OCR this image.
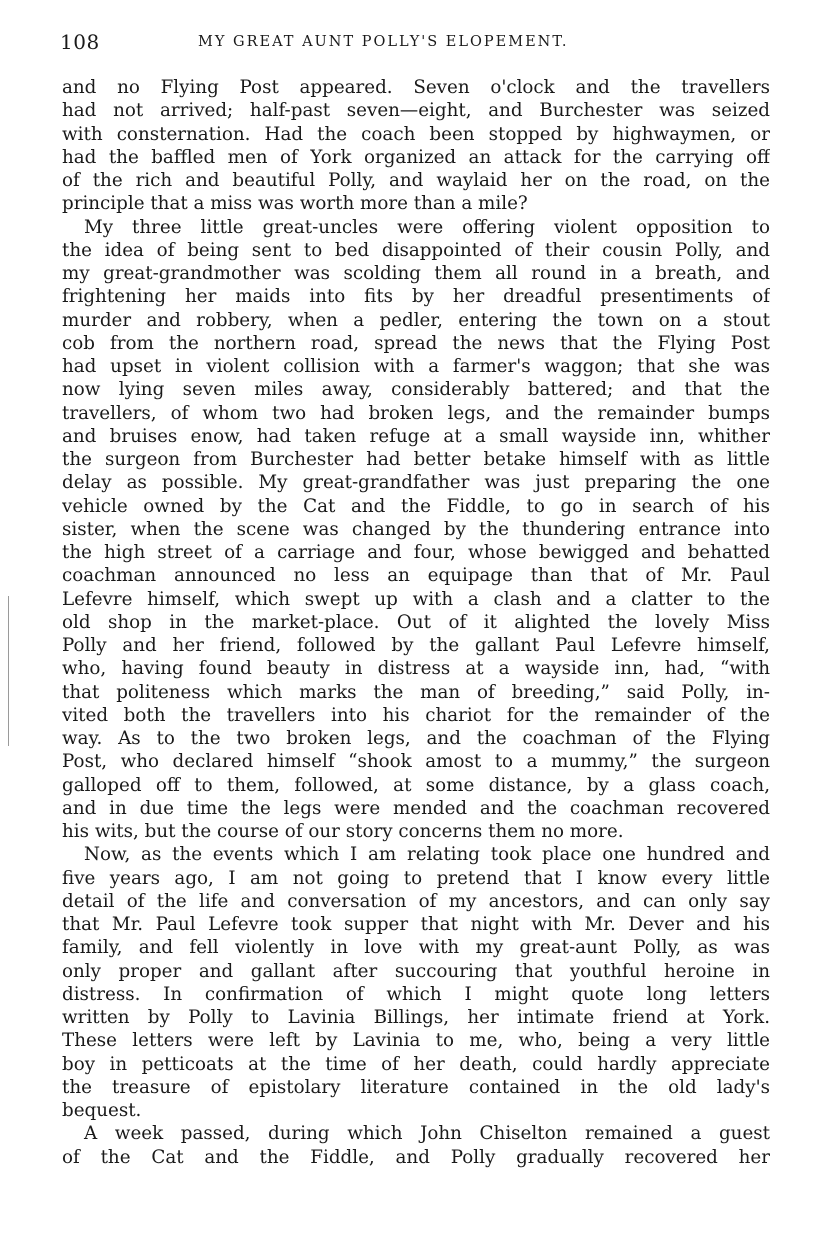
108	MY GREAT AUNT POLLY'S ELOPEMENT.
and no Flying Post appeared. Seven o'clock and the travellers
had not arrived; half-past seven—eight, and Burchester was seized
with consternation. Had the coach been stopped by highwaymen, or
had the baffled men of York organized an attack for the carrying off
of the rich and beautiful Polly, and waylaid her on the road, on the
principle that a miss was worth more than a mile?
My three little great-uncles were offering violent opposition to
the idea of being sent to bed disappointed of their cousin Polly, and
my great-grandmother was scolding them all round in a breath, and
frightening her maids into fits by her dreadful presentiments of
murder and robbery, when a pedler, entering the town on a stout
cob from the northern road, spread the news that the Flying Post
had upset in violent collision with a farmer's waggon; that she was
now lying seven miles away, considerably battered; and that the
travellers, of whom two had broken legs, and the remainder bumps
and bruises enow, had taken refuge at a small wayside inn, whither
the surgeon from Burchester had better betake himself with as little
delay as possible. My great-grandfather was just preparing the one
vehicle owned by the Cat and the Fiddle, to go in search of his
sister, when the scene was changed by the thundering entrance into
the high street of a carriage and four, whose bewigged and behatted
coachman announced no less an equipage than that of Mr. Paul
Lefevre himself, which swept up with a clash and a clatter to the
old shop in the market-place. Out of it alighted the lovely Miss
Polly and her friend, followed by the gallant Paul Lefevre himself,
who, having found beauty in distress at a wayside inn, had, “with
that politeness which marks the man of breeding,” said Polly, in-
vited both the travellers into his chariot for the remainder of the
way. As to the two broken legs, and the coachman of the Flying
Post, who declared himself “shook amost to a mummy,” the surgeon
galloped off to them, followed, at some distance, by a glass coach,
and in due time the legs were mended and the coachman recovered
his wits, but the course of our story concerns them no more.
Now, as the events which I am relating took place one hundred and
five years ago, I am not going to pretend that I know every little
detail of the life and conversation of my ancestors, and can only say
that Mr. Paul Lefevre took supper that night with Mr. Dever and his
family, and fell violently in love with my great-aunt Polly, as was
only proper and gallant after succouring that youthful heroine in
distress. In confirmation of which I might quote long letters
written by Polly to Lavinia Billings, her intimate friend at York.
These letters were left by Lavinia to me, who, being a very little
boy in petticoats at the time of her death, could hardly appreciate
the treasure of epistolary literature contained in the old lady's
bequest.
A week passed, during which John Chiselton remained a guest
of the Cat and the Fiddle, and Polly gradually recovered her
